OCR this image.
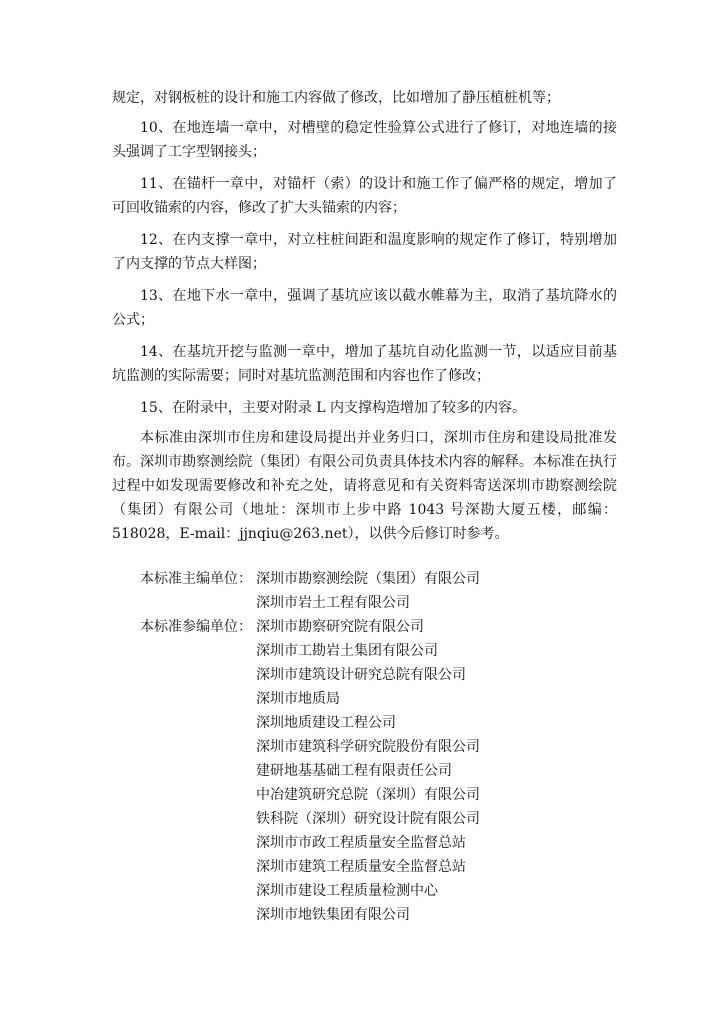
规定，对钢板桩的设计和施工内容做了修改，比如增加了静压植桩机等；

10、在地连墙一章中，对槽壁的稳定性验算公式进行了修订，对地连墙的接头强调了工字型钢接头；

11、在锚杆一章中，对锚杆（索）的设计和施工作了偏严格的规定，增加了可回收锚索的内容，修改了扩大头锚索的内容；

12、在内支撑一章中，对立柱桩间距和温度影响的规定作了修订，特别增加了内支撑的节点大样图；

13、在地下水一章中，强调了基坑应该以截水帷幕为主，取消了基坑降水的公式；

14、在基坑开挖与监测一章中，增加了基坑自动化监测一节，以适应目前基坑监测的实际需要；同时对基坑监测范围和内容也作了修改；

15、在附录中，主要对附录 L 内支撑构造增加了较多的内容。

本标准由深圳市住房和建设局提出并业务归口，深圳市住房和建设局批准发布。深圳市勘察测绘院（集团）有限公司负责具体技术内容的解释。本标准在执行过程中如发现需要修改和补充之处，请将意见和有关资料寄送深圳市勘察测绘院（集团）有限公司（地址：深圳市上步中路 1043 号深勘大厦五楼，邮编：518028，E-mail：jjnqiu@263.net），以供今后修订时参考。

本标准主编单位： 深圳市勘察测绘院（集团）有限公司
深圳市岩土工程有限公司
本标准参编单位： 深圳市勘察研究院有限公司
深圳市工勘岩土集团有限公司
深圳市建筑设计研究总院有限公司
深圳市地质局
深圳地质建设工程公司
深圳市建筑科学研究院股份有限公司
建研地基基础工程有限责任公司
中冶建筑研究总院（深圳）有限公司
铁科院（深圳）研究设计院有限公司
深圳市市政工程质量安全监督总站
深圳市建筑工程质量安全监督总站
深圳市建设工程质量检测中心
深圳市地铁集团有限公司
